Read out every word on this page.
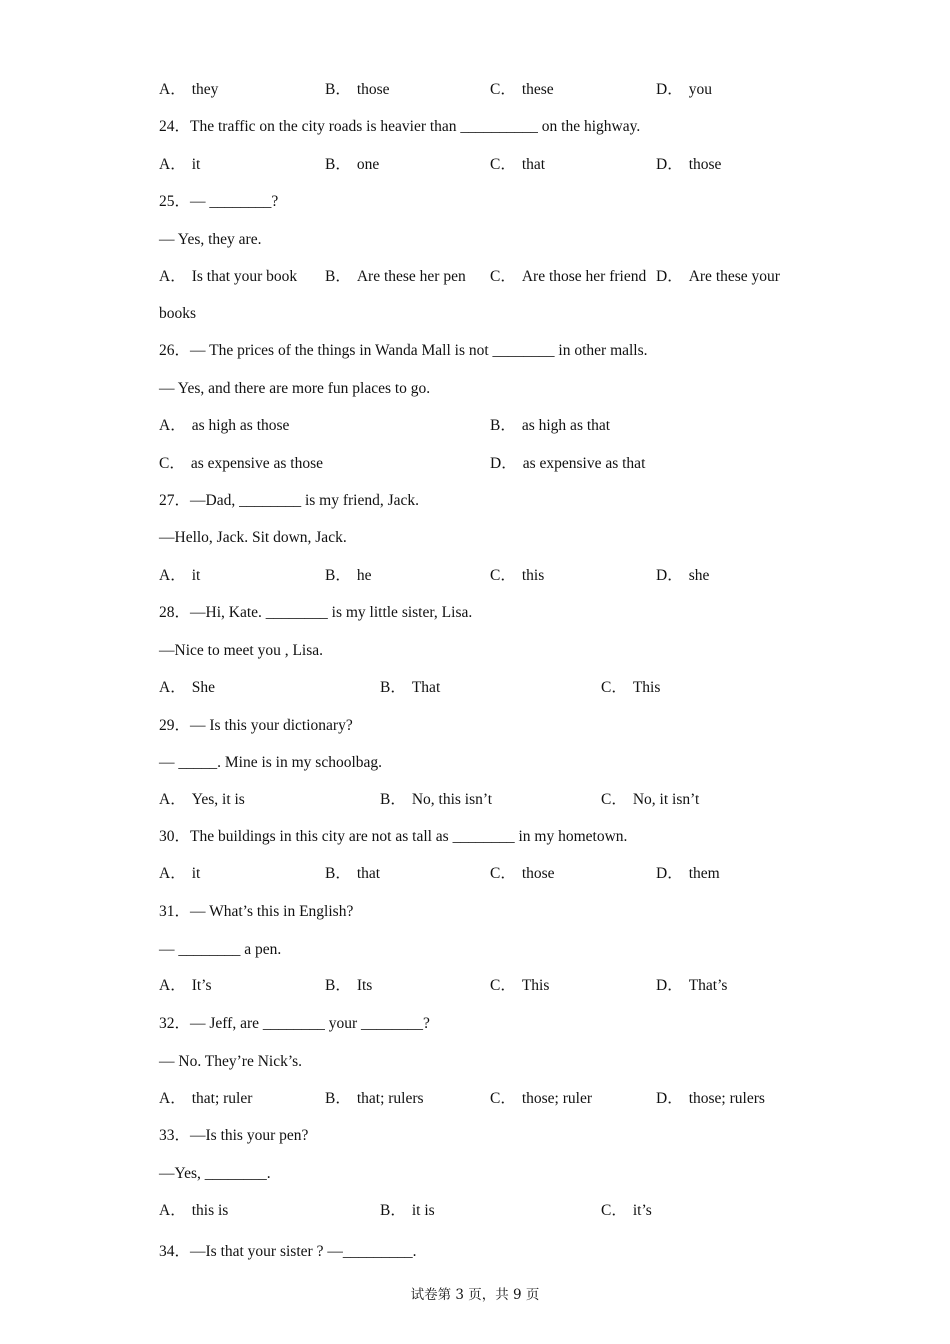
A． they	B． those	C． these	D． you
24．The traffic on the city roads is heavier than __________ on the highway.
A． it	B． one	C． that	D． those
25．— ________?
— Yes, they are.
A． Is that your book B． Are these her pen C． Are those her friend D． Are these your
books
26．— The prices of the things in Wanda Mall is not ________ in other malls.
— Yes, and there are more fun places to go.
A． as high as those	B． as high as that
C． as expensive as those	D． as expensive as that
27．—Dad, ________ is my friend, Jack.
—Hello, Jack. Sit down, Jack.
A． it	B． he	C． this	D． she
28．—Hi, Kate. ________ is my little sister, Lisa.
—Nice to meet you , Lisa.
A． She	B． That	C． This
29．— Is this your dictionary?
— _____. Mine is in my schoolbag.
A． Yes, it is	B． No, this isn’t	C． No, it isn’t
30．The buildings in this city are not as tall as ________ in my hometown.
A． it	B． that	C． those	D． them
31．— What’s this in English?
— ________ a pen.
A． It’s	B． Its	C． This	D． That’s
32．— Jeff, are ________ your ________?
— No. They’re Nick’s.
A． that; ruler	B． that; rulers	C． those; ruler	D． those; rulers
33．—Is this your pen?
—Yes, ________.
A． this is	B． it is	C． it’s
34．—Is that your sister ? —_________.
试卷第 3 页，共 9 页
